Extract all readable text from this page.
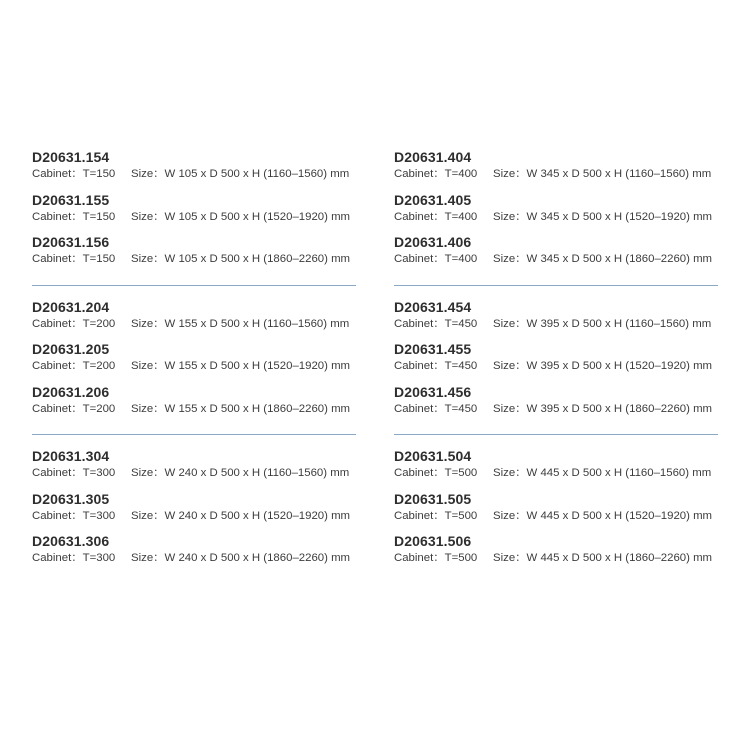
D20631.154
Cabinet：T=150 Size：W 105 x D 500 x H (1160–1560) mm
D20631.155
Cabinet：T=150 Size：W 105 x D 500 x H (1520–1920) mm
D20631.156
Cabinet：T=150 Size：W 105 x D 500 x H (1860–2260) mm
D20631.204
Cabinet：T=200 Size：W 155 x D 500 x H (1160–1560) mm
D20631.205
Cabinet：T=200 Size：W 155 x D 500 x H (1520–1920) mm
D20631.206
Cabinet：T=200 Size：W 155 x D 500 x H (1860–2260) mm
D20631.304
Cabinet：T=300 Size：W 240 x D 500 x H (1160–1560) mm
D20631.305
Cabinet：T=300 Size：W 240 x D 500 x H (1520–1920) mm
D20631.306
Cabinet：T=300 Size：W 240 x D 500 x H (1860–2260) mm
D20631.404
Cabinet：T=400 Size：W 345 x D 500 x H (1160–1560) mm
D20631.405
Cabinet：T=400 Size：W 345 x D 500 x H (1520–1920) mm
D20631.406
Cabinet：T=400 Size：W 345 x D 500 x H (1860–2260) mm
D20631.454
Cabinet：T=450 Size：W 395 x D 500 x H (1160–1560) mm
D20631.455
Cabinet：T=450 Size：W 395 x D 500 x H (1520–1920) mm
D20631.456
Cabinet：T=450 Size：W 395 x D 500 x H (1860–2260) mm
D20631.504
Cabinet：T=500 Size：W 445 x D 500 x H (1160–1560) mm
D20631.505
Cabinet：T=500 Size：W 445 x D 500 x H (1520–1920) mm
D20631.506
Cabinet：T=500 Size：W 445 x D 500 x H (1860–2260) mm
